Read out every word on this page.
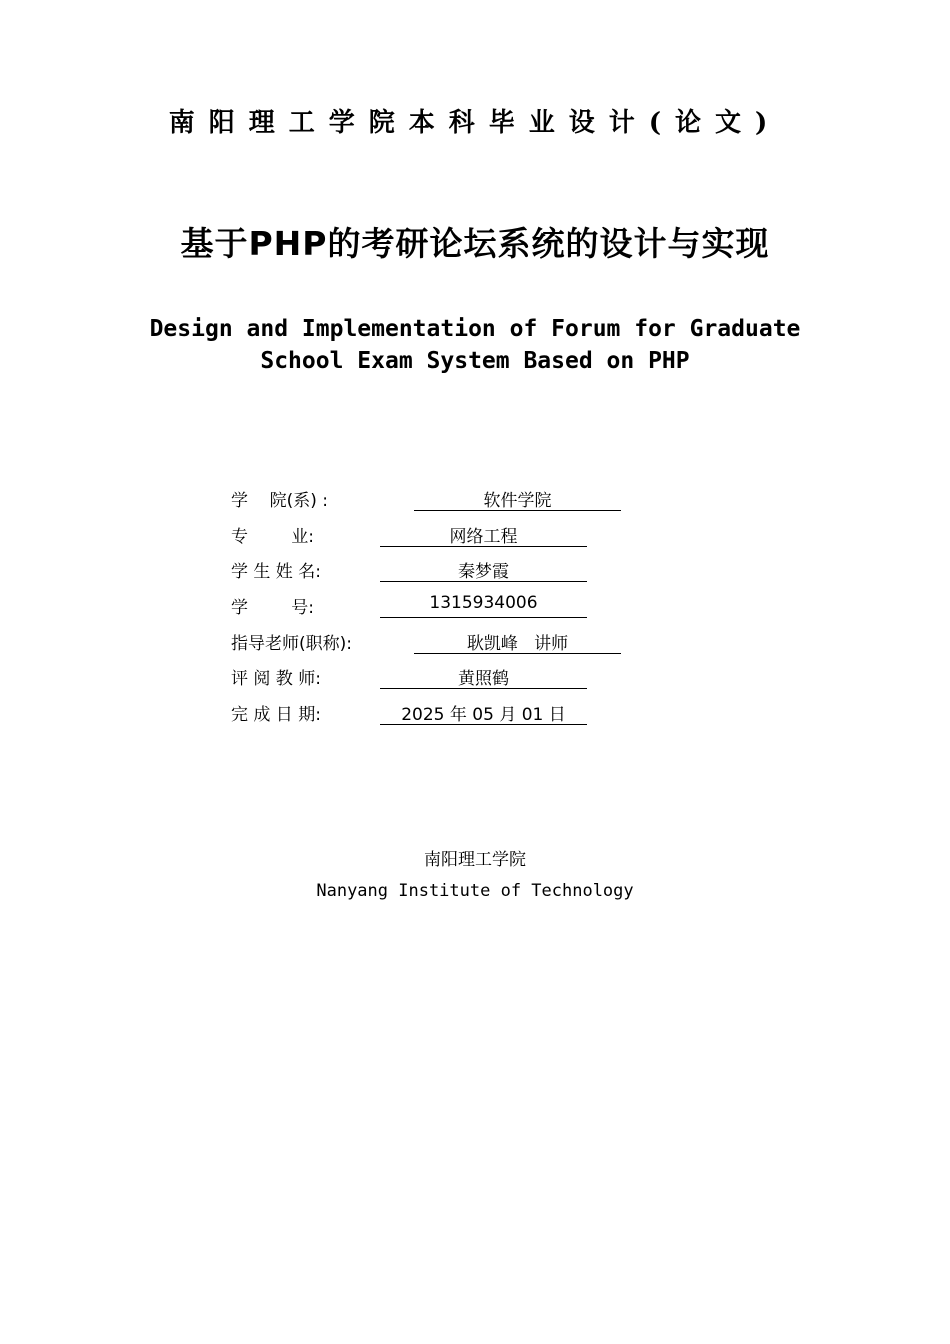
南阳理工学院本科毕业设计(论文)
基于PHP的考研论坛系统的设计与实现
Design and Implementation of Forum for Graduate
School Exam System Based on PHP
学    院(系) :	软件学院
专        业:	网络工程
学 生 姓 名:	秦梦霞
学        号:	1315934006
指导老师(职称):	耿凯峰   讲师
评 阅 教 师:	黄照鹤
完 成 日 期:	2025 年 05 月 01 日
南阳理工学院
Nanyang Institute of Technology
